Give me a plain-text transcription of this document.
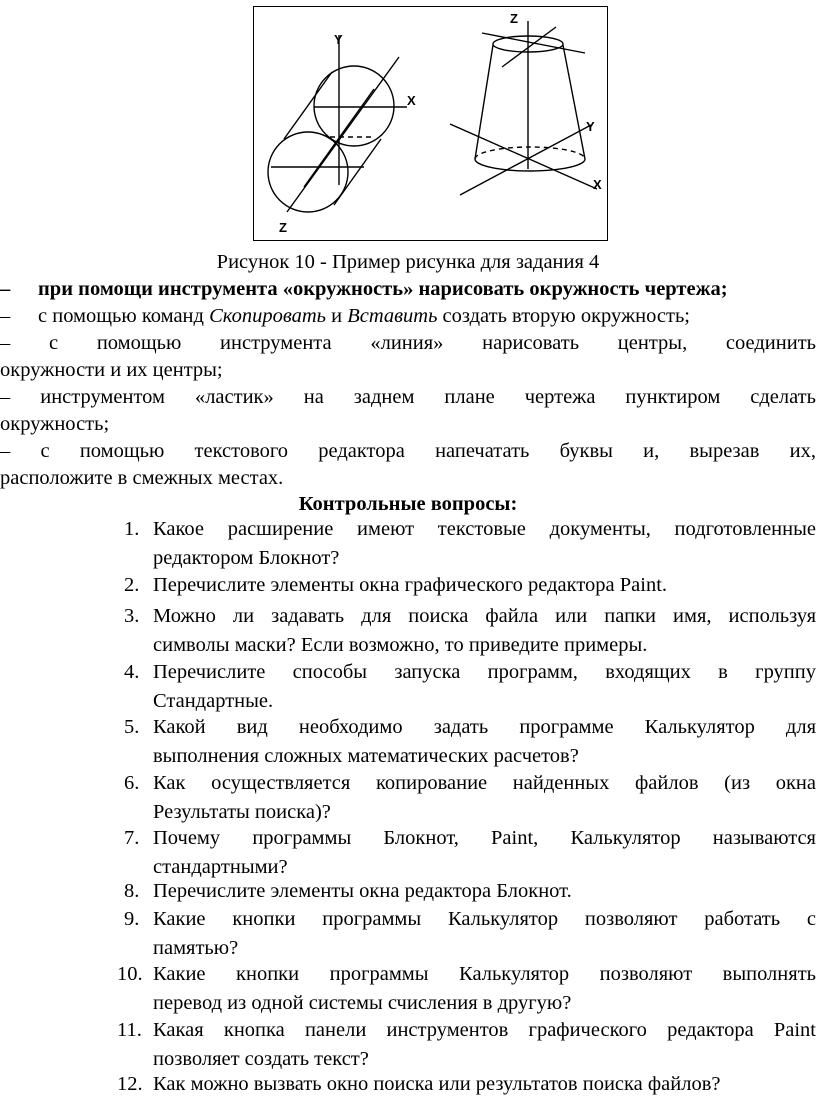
Y
X
Z
Z
Y
X
Рисунок 10 - Пример рисунка для задания 4
– при помощи инструмента «окружность» нарисовать окружность чертежа;
– с помощью команд Скопировать и Вставить создать вторую окружность;
– с помощью инструмента «линия» нарисовать центры, соединить
окружности и их центры;
– инструментом «ластик» на заднем плане чертежа пунктиром сделать
окружность;
– с помощью текстового редактора напечатать буквы и, вырезав их,
расположите в смежных местах.
Контрольные вопросы:
1. Какое расширение имеют текстовые документы, подготовленные
редактором Блокнот?
2. Перечислите элементы окна графического редактора Paint.
3. Можно ли задавать для поиска файла или папки имя, используя
символы маски? Если возможно, то приведите примеры.
4. Перечислите способы запуска программ, входящих в группу
Стандартные.
5. Какой вид необходимо задать программе Калькулятор для
выполнения сложных математических расчетов?
6. Как осуществляется копирование найденных файлов (из окна
Результаты поиска)?
7. Почему программы Блокнот, Paint, Калькулятор называются
стандартными?
8. Перечислите элементы окна редактора Блокнот.
9. Какие кнопки программы Калькулятор позволяют работать с
памятью?
10. Какие кнопки программы Калькулятор позволяют выполнять
перевод из одной системы счисления в другую?
11. Какая кнопка панели инструментов графического редактора Paint
позволяет создать текст?
12. Как можно вызвать окно поиска или результатов поиска файлов?
